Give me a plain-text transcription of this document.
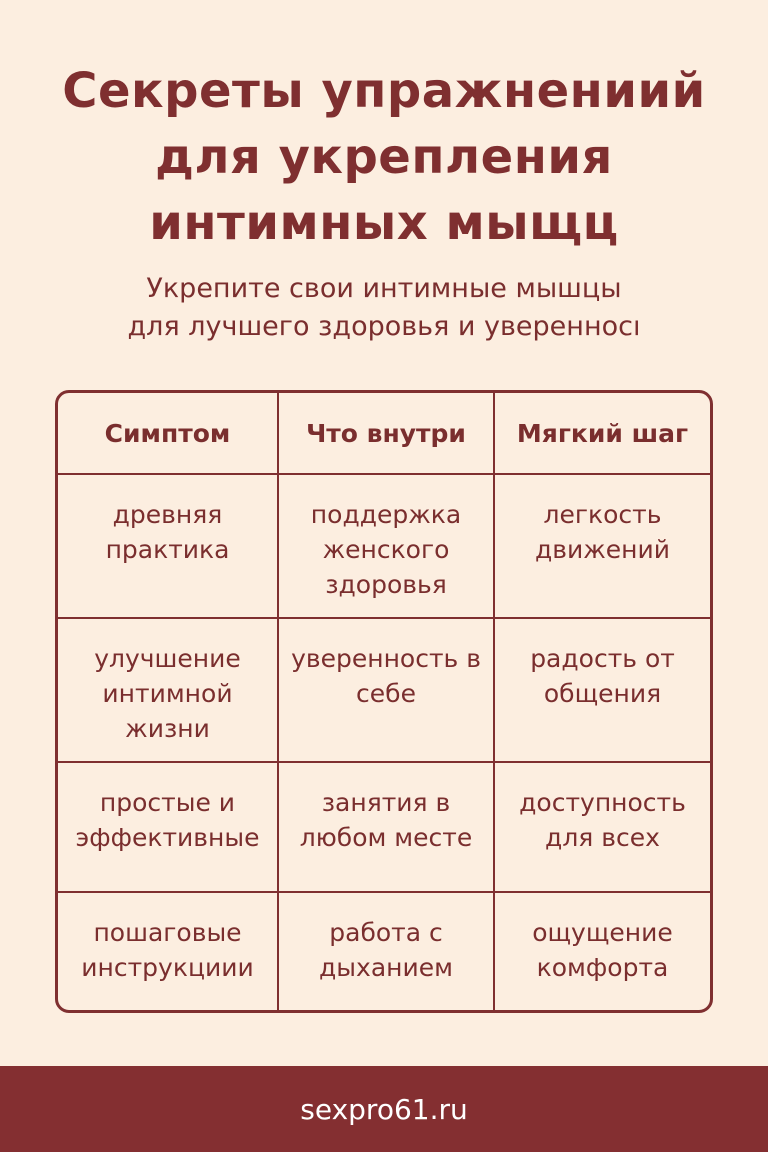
Секреты упражнениий
для укрепления
интимных мыщц
Укрепите свои интимные мышцы
для лучшего здоровья и уверенносı
Симптом	Что внутри	Мягкий шаг
древняя практика
поддержка женского здоровья
легкость движений
улучшение интимной жизни
уверенность в себе
радость от общения
простые и эффективные
занятия в любом месте
доступность для всех
пошаговые инструкциии
работа с дыханием
ощущение комфорта
sexpro61.ru
